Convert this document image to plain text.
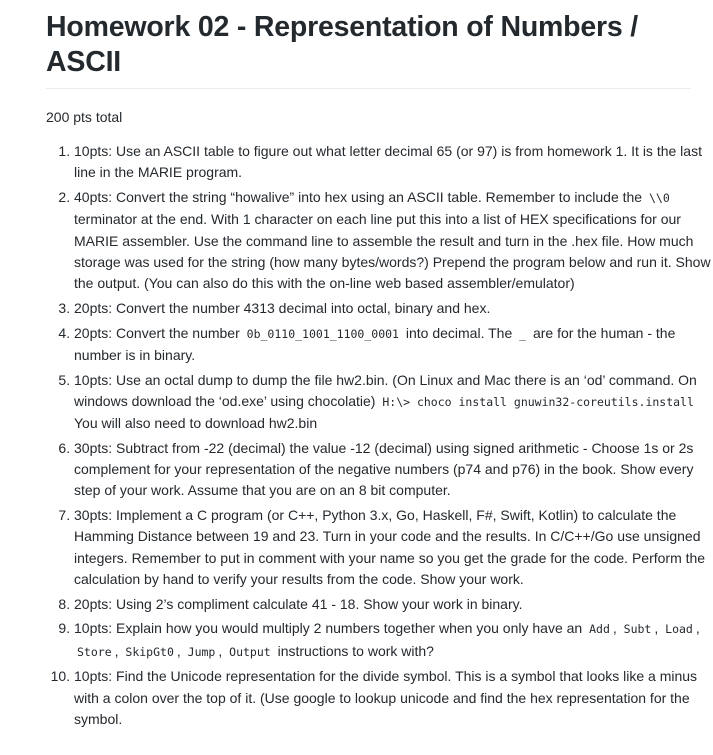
Homework 02 - Representation of Numbers / ASCII
200 pts total
1. 10pts: Use an ASCII table to figure out what letter decimal 65 (or 97) is from homework 1. It is the last line in the MARIE program.
2. 40pts: Convert the string “howalive” into hex using an ASCII table. Remember to include the \\0 terminator at the end. With 1 character on each line put this into a list of HEX specifications for our MARIE assembler. Use the command line to assemble the result and turn in the .hex file. How much storage was used for the string (how many bytes/words?) Prepend the program below and run it. Show the output. (You can also do this with the on-line web based assembler/emulator)
3. 20pts: Convert the number 4313 decimal into octal, binary and hex.
4. 20pts: Convert the number 0b_0110_1001_1100_0001 into decimal. The _ are for the human - the number is in binary.
5. 10pts: Use an octal dump to dump the file hw2.bin. (On Linux and Mac there is an ‘od’ command. On windows download the ‘od.exe’ using chocolatie) H:\> choco install gnuwin32-coreutils.install You will also need to download hw2.bin
6. 30pts: Subtract from -22 (decimal) the value -12 (decimal) using signed arithmetic - Choose 1s or 2s complement for your representation of the negative numbers (p74 and p76) in the book. Show every step of your work. Assume that you are on an 8 bit computer.
7. 30pts: Implement a C program (or C++, Python 3.x, Go, Haskell, F#, Swift, Kotlin) to calculate the Hamming Distance between 19 and 23. Turn in your code and the results. In C/C++/Go use unsigned integers. Remember to put in comment with your name so you get the grade for the code. Perform the calculation by hand to verify your results from the code. Show your work.
8. 20pts: Using 2’s compliment calculate 41 - 18. Show your work in binary.
9. 10pts: Explain how you would multiply 2 numbers together when you only have an Add , Subt , Load , Store , SkipGt0 , Jump , Output instructions to work with?
10. 10pts: Find the Unicode representation for the divide symbol. This is a symbol that looks like a minus with a colon over the top of it. (Use google to lookup unicode and find the hex representation for the symbol.
